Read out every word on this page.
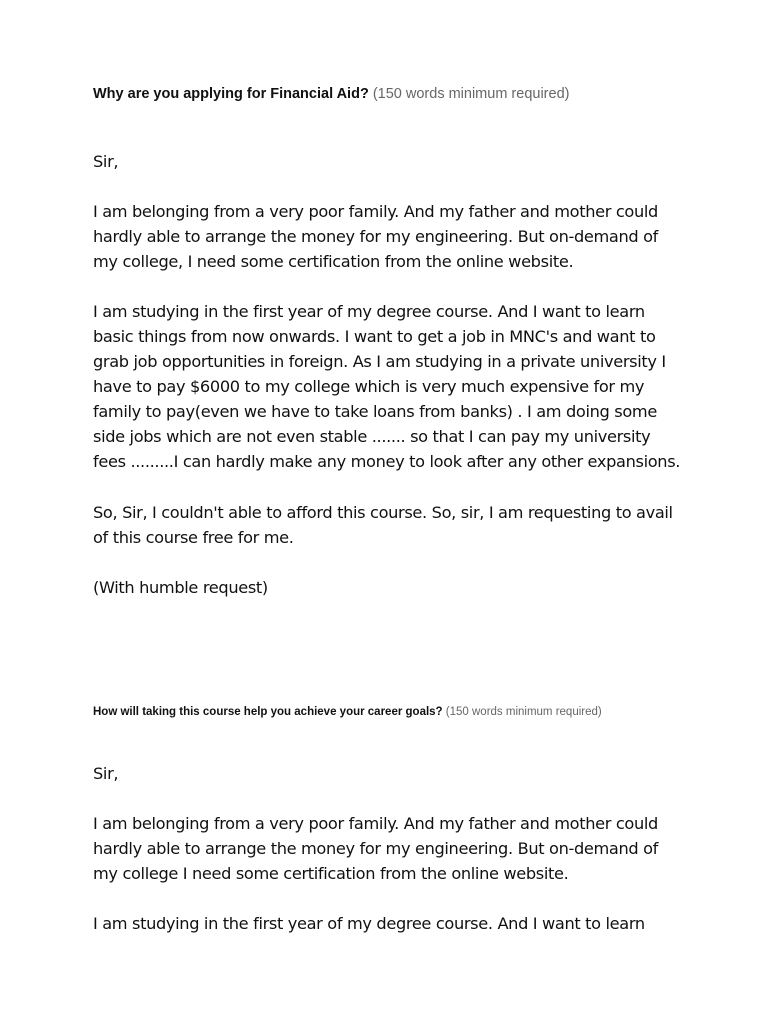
Why are you applying for Financial Aid? (150 words minimum required)

Sir,

I am belonging from a very poor family. And my father and mother could
hardly able to arrange the money for my engineering. But on-demand of
my college, I need some certification from the online website.

I am studying in the first year of my degree course. And I want to learn
basic things from now onwards. I want to get a job in MNC's and want to
grab job opportunities in foreign. As I am studying in a private university I
have to pay $6000 to my college which is very much expensive for my
family to pay(even we have to take loans from banks) . I am doing some
side jobs which are not even stable ....... so that I can pay my university
fees .........I can hardly make any money to look after any other expansions.

So, Sir, I couldn't able to afford this course. So, sir, I am requesting to avail
of this course free for me.

(With humble request)

How will taking this course help you achieve your career goals? (150 words minimum required)

Sir,

I am belonging from a very poor family. And my father and mother could
hardly able to arrange the money for my engineering. But on-demand of
my college I need some certification from the online website.

I am studying in the first year of my degree course. And I want to learn
